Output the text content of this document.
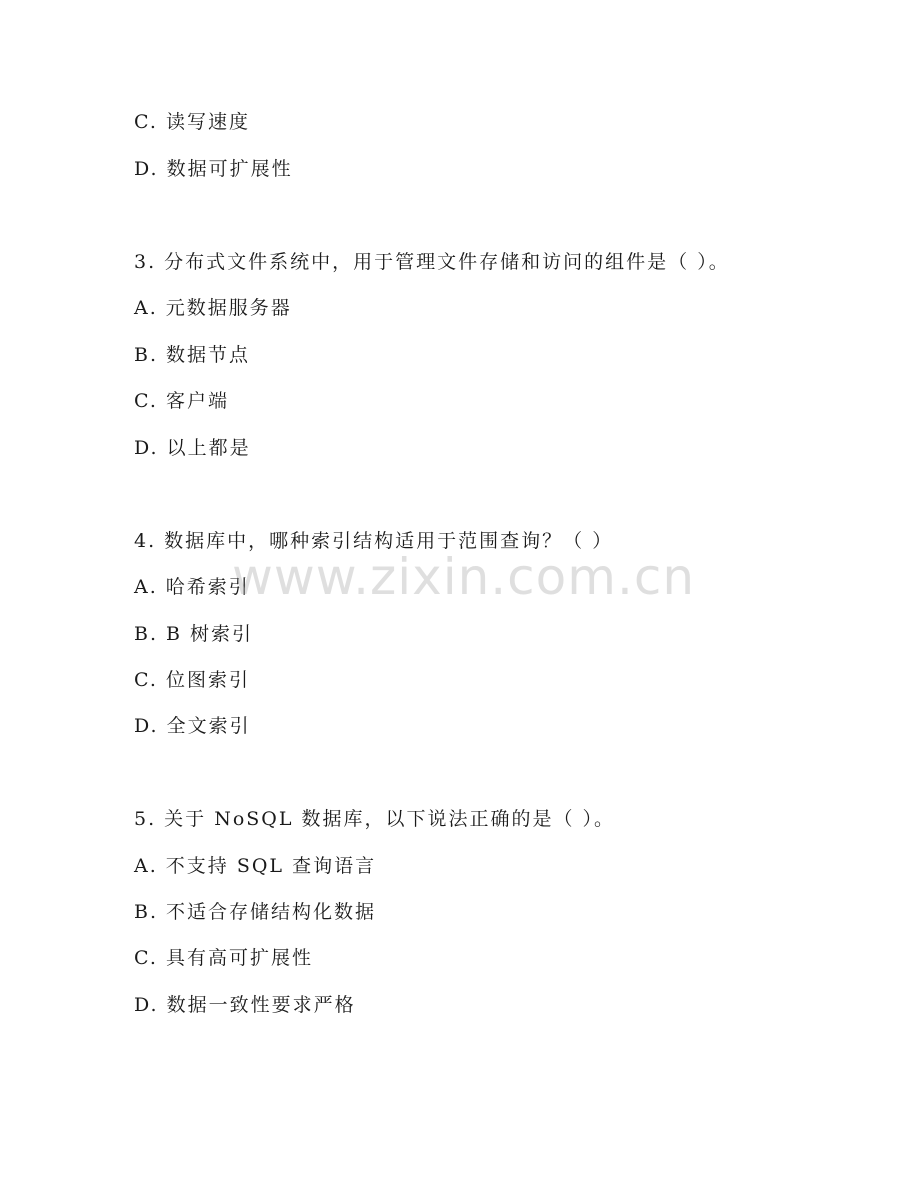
C. 读写速度
D. 数据可扩展性
3. 分布式文件系统中，用于管理文件存储和访问的组件是（ ）。
A. 元数据服务器
B. 数据节点
C. 客户端
D. 以上都是
4. 数据库中，哪种索引结构适用于范围查询？（ ）
A. 哈希索引
B. B 树索引
C. 位图索引
D. 全文索引
5. 关于 NoSQL 数据库，以下说法正确的是（ ）。
A. 不支持 SQL 查询语言
B. 不适合存储结构化数据
C. 具有高可扩展性
D. 数据一致性要求严格
www.zixin.com.cn
